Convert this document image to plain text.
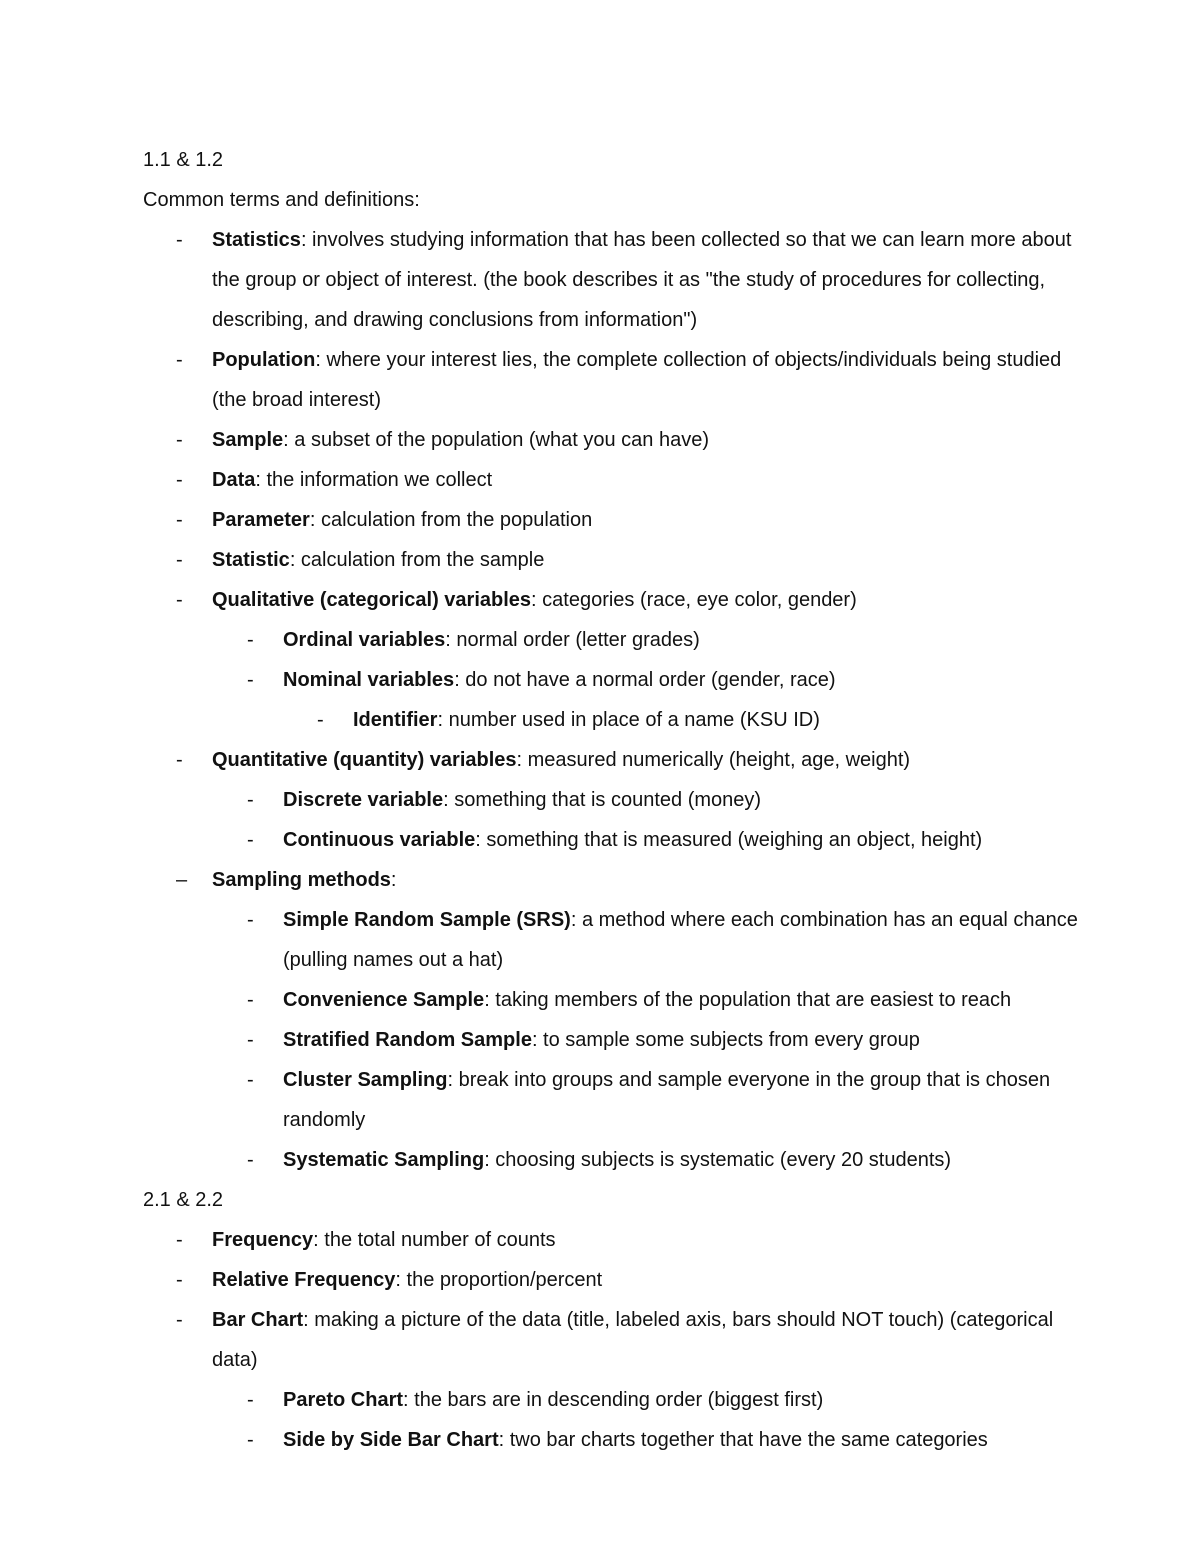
1.1 & 1.2
Common terms and definitions:
-	Statistics: involves studying information that has been collected so that we can learn more about the group or object of interest. (the book describes it as "the study of procedures for collecting, describing, and drawing conclusions from information")
-	Population: where your interest lies, the complete collection of objects/individuals being studied (the broad interest)
-	Sample: a subset of the population (what you can have)
-	Data: the information we collect
-	Parameter: calculation from the population
-	Statistic: calculation from the sample
-	Qualitative (categorical) variables: categories (race, eye color, gender)
-	Ordinal variables: normal order (letter grades)
-	Nominal variables: do not have a normal order (gender, race)
-	Identifier: number used in place of a name (KSU ID)
-	Quantitative (quantity) variables: measured numerically (height, age, weight)
-	Discrete variable: something that is counted (money)
-	Continuous variable: something that is measured (weighing an object, height)
–	Sampling methods:
-	Simple Random Sample (SRS): a method where each combination has an equal chance (pulling names out a hat)
-	Convenience Sample: taking members of the population that are easiest to reach
-	Stratified Random Sample: to sample some subjects from every group
-	Cluster Sampling: break into groups and sample everyone in the group that is chosen randomly
-	Systematic Sampling: choosing subjects is systematic (every 20 students)
2.1 & 2.2
-	Frequency: the total number of counts
-	Relative Frequency: the proportion/percent
-	Bar Chart: making a picture of the data (title, labeled axis, bars should NOT touch) (categorical data)
-	Pareto Chart: the bars are in descending order (biggest first)
-	Side by Side Bar Chart: two bar charts together that have the same categories
